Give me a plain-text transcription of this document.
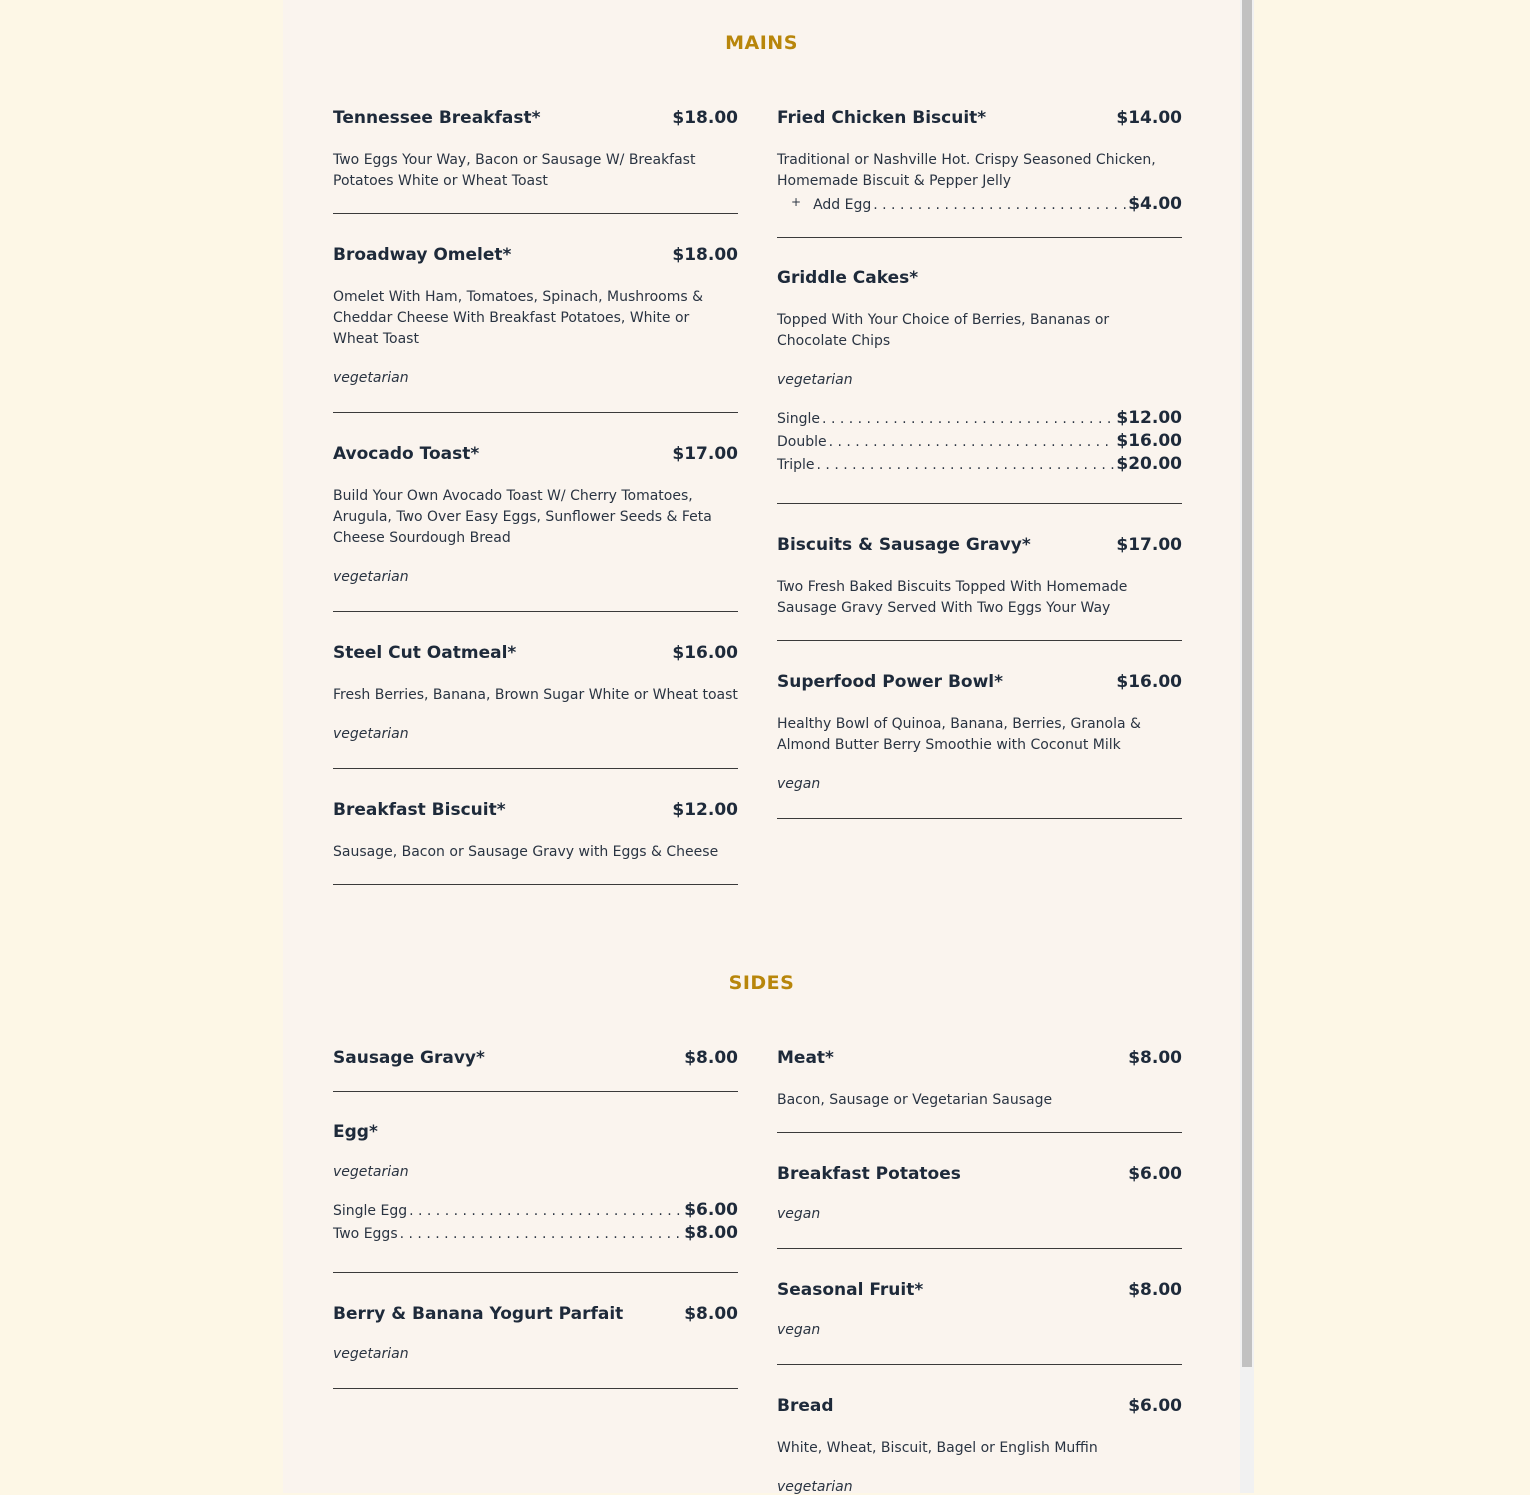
MAINS
Tennessee Breakfast*	$18.00
Two Eggs Your Way, Bacon or Sausage W/ Breakfast Potatoes White or Wheat Toast
Broadway Omelet*	$18.00
Omelet With Ham, Tomatoes, Spinach, Mushrooms & Cheddar Cheese With Breakfast Potatoes, White or Wheat Toast
vegetarian
Avocado Toast*	$17.00
Build Your Own Avocado Toast W/ Cherry Tomatoes, Arugula, Two Over Easy Eggs, Sunflower Seeds & Feta Cheese Sourdough Bread
vegetarian
Steel Cut Oatmeal*	$16.00
Fresh Berries, Banana, Brown Sugar White or Wheat toast
vegetarian
Breakfast Biscuit*	$12.00
Sausage, Bacon or Sausage Gravy with Eggs & Cheese
Fried Chicken Biscuit*	$14.00
Traditional or Nashville Hot. Crispy Seasoned Chicken, Homemade Biscuit & Pepper Jelly
+ Add Egg . . .	$4.00
Griddle Cakes*
Topped With Your Choice of Berries, Bananas or Chocolate Chips
vegetarian
Single . . .	$12.00
Double . . .	$16.00
Triple . . .	$20.00
Biscuits & Sausage Gravy*	$17.00
Two Fresh Baked Biscuits Topped With Homemade Sausage Gravy Served With Two Eggs Your Way
Superfood Power Bowl*	$16.00
Healthy Bowl of Quinoa, Banana, Berries, Granola & Almond Butter Berry Smoothie with Coconut Milk
vegan
SIDES
Sausage Gravy*	$8.00
Egg*
vegetarian
Single Egg . . .	$6.00
Two Eggs . . .	$8.00
Berry & Banana Yogurt Parfait	$8.00
vegetarian
Meat*	$8.00
Bacon, Sausage or Vegetarian Sausage
Breakfast Potatoes	$6.00
vegan
Seasonal Fruit*	$8.00
vegan
Bread	$6.00
White, Wheat, Biscuit, Bagel or English Muffin
vegetarian
